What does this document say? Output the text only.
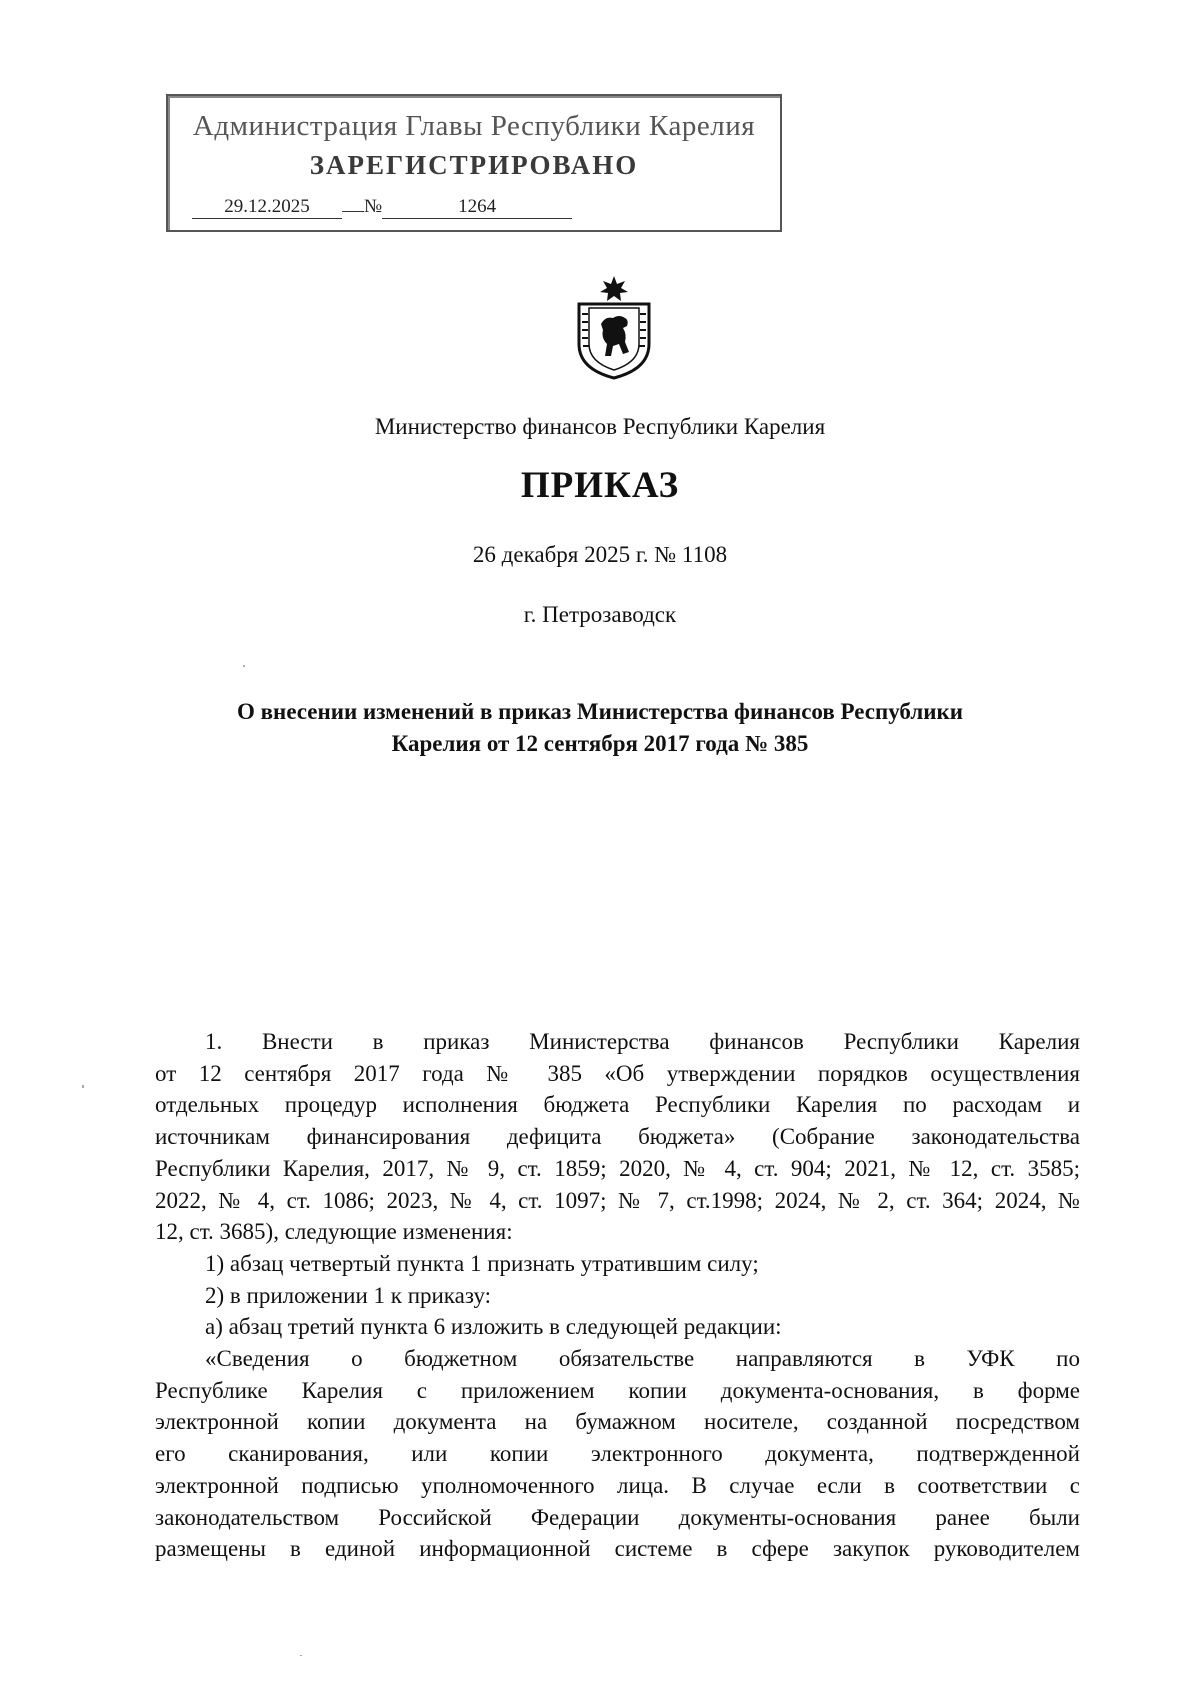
Администрация Главы Республики Карелия
ЗАРЕГИСТРИРОВАНО
29.12.2025	№	1264
Министерство финансов Республики Карелия
ПРИКАЗ
26 декабря 2025 г. № 1108
г. Петрозаводск
О внесении изменений в приказ Министерства финансов Республики
Карелия от 12 сентября 2017 года № 385

1. Внести в приказ Министерства финансов Республики Карелия

от 12 сентября 2017 года № 385 «Об утверждении порядков осуществления

отдельных процедур исполнения бюджета Республики Карелия по расходам и

источникам финансирования дефицита бюджета» (Собрание законодательства

Республики Карелия, 2017, № 9, ст. 1859; 2020, № 4, ст. 904; 2021, № 12, ст. 3585;

2022, № 4, ст. 1086; 2023, № 4, ст. 1097; № 7, ст.1998; 2024, № 2, ст. 364; 2024, №

12, ст. 3685), следующие изменения:

1) абзац четвертый пункта 1 признать утратившим силу;

2) в приложении 1 к приказу:

а) абзац третий пункта 6 изложить в следующей редакции:

«Сведения о бюджетном обязательстве направляются в УФК по

Республике Карелия с приложением копии документа-основания, в форме

электронной копии документа на бумажном носителе, созданной посредством

его сканирования, или копии электронного документа, подтвержденной

электронной подписью уполномоченного лица. В случае если в соответствии с

законодательством Российской Федерации документы-основания ранее были

размещены в единой информационной системе в сфере закупок руководителем
